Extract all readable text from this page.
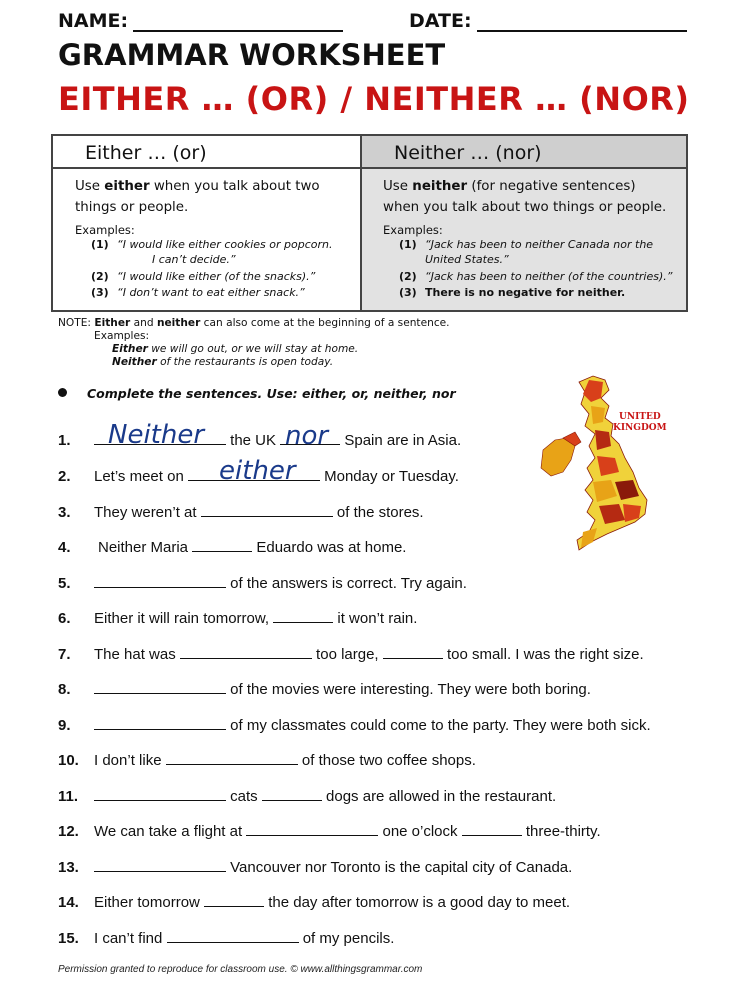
NAME:	DATE:
GRAMMAR WORKSHEET
EITHER … (OR) / NEITHER … (NOR)
Either … (or)
Use either when you talk about two
things or people.
Examples:
(1) “I would like either cookies or popcorn.
I can’t decide.”
(2) “I would like either (of the snacks).”
(3) “I don’t want to eat either snack.”
Neither … (nor)
Use neither (for negative sentences)
when you talk about two things or people.
Examples:
(1) “Jack has been to neither Canada nor the
United States.”
(2) “Jack has been to neither (of the countries).”
(3) There is no negative for neither.
NOTE: Either and neither can also come at the beginning of a sentence.
Examples:
Either we will go out, or we will stay at home.
Neither of the restaurants is open today.
Complete the sentences. Use: either, or, neither, nor
UNITED
KINGDOM
1.	the UK	Spain are in Asia.
2. Let’s meet on	Monday or Tuesday.
3. They weren’t at	of the stores.
4. Neither Maria	Eduardo was at home.
5.	of the answers is correct. Try again.
6. Either it will rain tomorrow,	it won’t rain.
7. The hat was	too large,	too small. I was the right size.
8.	of the movies were interesting. They were both boring.
9.	of my classmates could come to the party. They were both sick.
10. I don’t like	of those two coffee shops.
11.	cats	dogs are allowed in the restaurant.
12. We can take a flight at	one o’clock	three-thirty.
13.	Vancouver nor Toronto is the capital city of Canada.
14. Either tomorrow	the day after tomorrow is a good day to meet.
15. I can’t find	of my pencils.
Neither	nor
either
Permission granted to reproduce for classroom use. © www.allthingsgrammar.com
